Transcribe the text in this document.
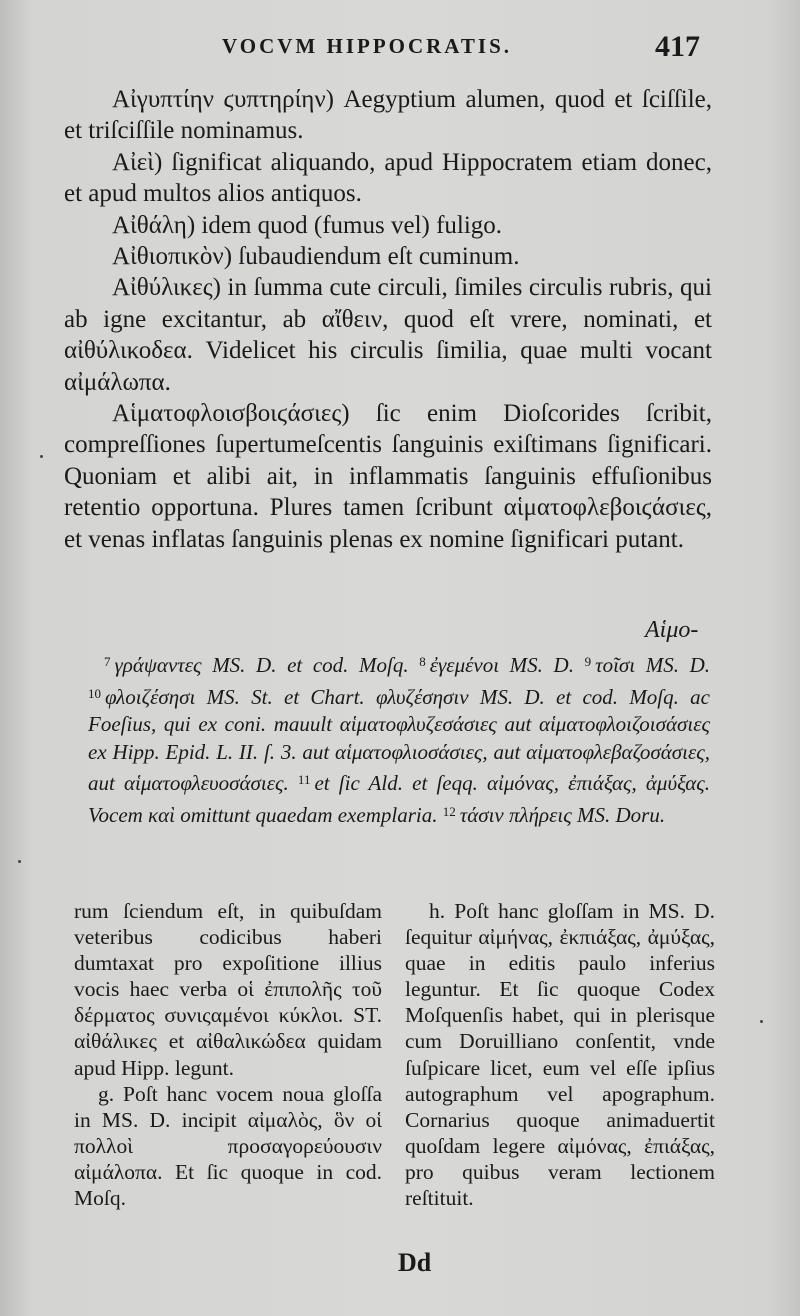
VOCVM HIPPOCRATIS.	417

Αἰγυπτίην ϛυπτηρίην) Aegyptium alumen, quod et ſciſſile, et triſciſſile nominamus.

Αἰεὶ) ſignificat aliquando, apud Hippocratem etiam donec, et apud multos alios antiquos.

Αἰθάλη) idem quod (fumus vel) fuligo.

Αἰθιοπικὸν) ſubaudiendum eſt cuminum.

Αἰθύλικες) in ſumma cute circuli, ſimiles circulis rubris, qui ab igne excitantur, ab αἴθειν, quod eſt vrere, nominati, et αἰθύλικοδεα. Videlicet his circulis ſimilia, quae multi vocant αἰμάλωπα.

Αἱματοφλοισβοιϛάσιες) ſic enim Dioſcorides ſcribit, compreſſiones ſupertumeſcentis ſanguinis exiſtimans ſignificari. Quoniam et alibi ait, in inflammatis ſanguinis effuſionibus retentio opportuna. Plures tamen ſcribunt αἱματοφλεβοιϛάσιες, et venas inflatas ſanguinis plenas ex nomine ſignificari putant.

Αἱμο-
$^7$ γράψαντες MS. D. et cod. Moſq. $^8$ ἐγεμένοι MS. D. $^9$ τοῖσι MS. D. $^{10}$ φλοιζέσησι MS. St. et Chart. φλυζέσησιν MS. D. et cod. Moſq. ac Foeſius, qui ex coni. mauult αἱματοφλυζεσάσιες aut αἱματοφλοιζοισάσιες ex Hipp. Epid. L. II. ſ. 3. aut αἱματοφλιοσάσιες, aut αἱματοφλεβαζοσάσιες, aut αἱματοφλευοσάσιες. $^{11}$ et ſic Ald. et ſeqq. αἰμόνας, ἐπιάξας, ἀμύξας. Vocem καὶ omittunt quaedam exemplaria. $^{12}$ τάσιν πλήρεις MS. Doru.

rum ſciendum eſt, in quibuſdam veteribus codicibus haberi dumtaxat pro expoſitione illius vocis haec verba οἱ ἐπιπολῆς τοῦ δέρματος συνιςαμένοι κύκλοι. ST. αἰθάλικες et αἰθαλικώδεα quidam apud Hipp. legunt.

g. Poſt hanc vocem noua gloſſa in MS. D. incipit αἰμαλὸς, ὃν οἱ πολλοὶ προσαγορεύουσιν αἰμάλοπα. Et ſic quoque in cod. Moſq.

h. Poſt hanc gloſſam in MS. D. ſequitur αἰμήνας, ἐκπιάξας, ἀμύξας, quae in editis paulo inferius leguntur. Et ſic quoque Codex Moſquenſis habet, qui in plerisque cum Doruilliano conſentit, vnde ſuſpicare licet, eum vel eſſe ipſius autographum vel apographum. Cornarius quoque animaduertit quoſdam legere αἰμόνας, ἐπιάξας, pro quibus veram lectionem reſtituit.

Dd
